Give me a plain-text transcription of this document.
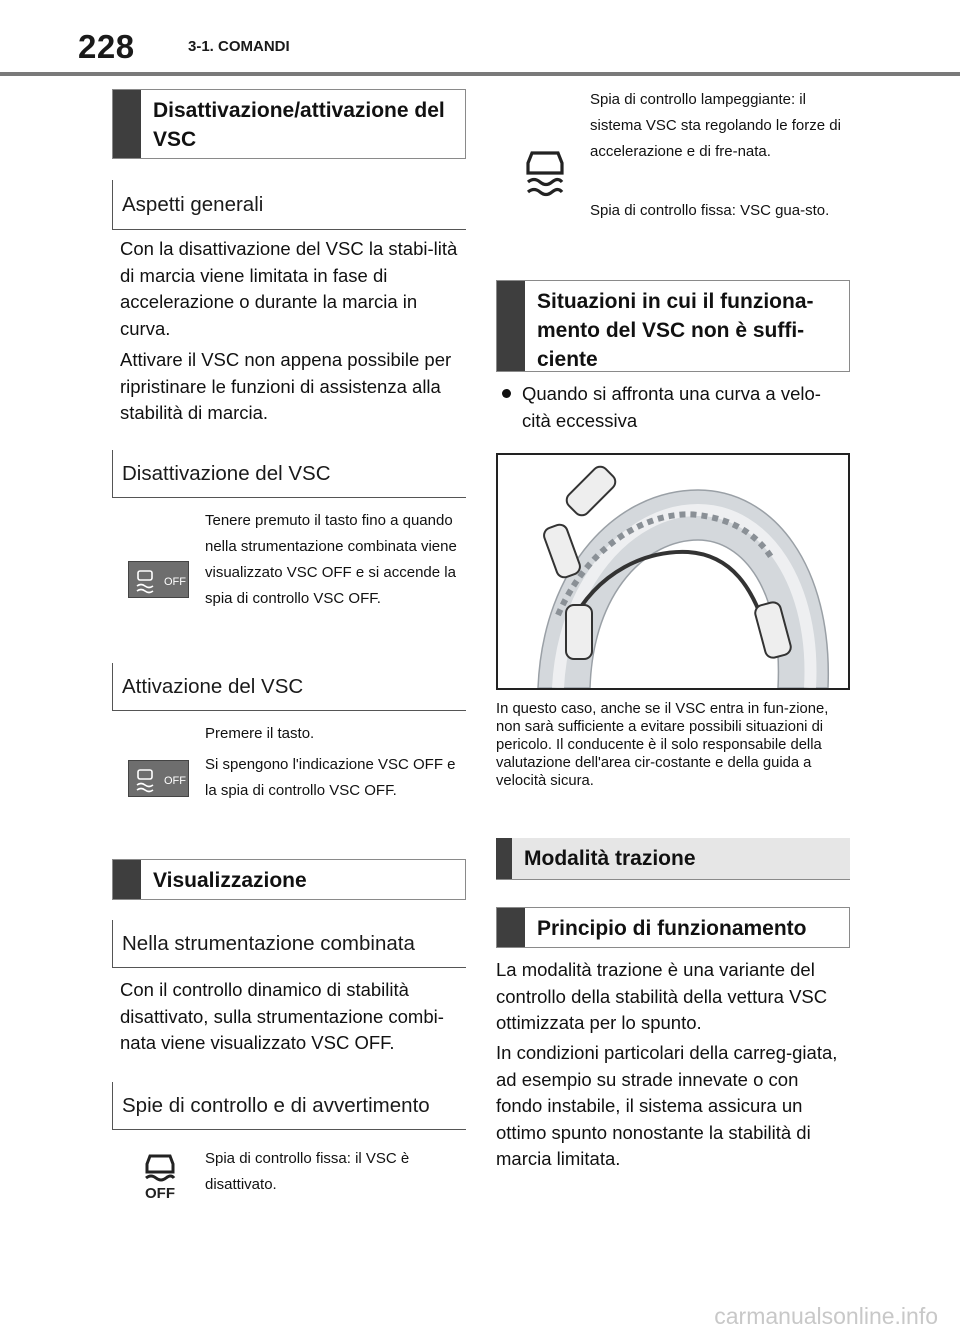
228	3-1. COMANDI
Disattivazione/attivazione del VSC
Aspetti generali
Con la disattivazione del VSC la stabi-lità di marcia viene limitata in fase di accelerazione o durante la marcia in curva.
Attivare il VSC non appena possibile per ripristinare le funzioni di assistenza alla stabilità di marcia.
Disattivazione del VSC
OFF
Tenere premuto il tasto fino a quando nella strumentazione combinata viene visualizzato VSC OFF e si accende la spia di controllo VSC OFF.
Attivazione del VSC
Premere il tasto.
OFF
Si spengono l'indicazione VSC OFF e la spia di controllo VSC OFF.
Visualizzazione
Nella strumentazione combinata
Con il controllo dinamico di stabilità disattivato, sulla strumentazione combi-nata viene visualizzato VSC OFF.
Spie di controllo e di avvertimento
OFF
Spia di controllo fissa: il VSC è disattivato.
Spia di controllo lampeggiante: il sistema VSC sta regolando le forze di accelerazione e di fre-nata.
Spia di controllo fissa: VSC gua-sto.
Situazioni in cui il funziona-mento del VSC non è suffi-ciente
Quando si affronta una curva a velo-cità eccessiva
In questo caso, anche se il VSC entra in fun-zione, non sarà sufficiente a evitare possibili situazioni di pericolo. Il conducente è il solo responsabile della valutazione dell'area cir-costante e della guida a velocità sicura.
Modalità trazione
Principio di funzionamento
La modalità trazione è una variante del controllo della stabilità della vettura VSC ottimizzata per lo spunto.
In condizioni particolari della carreg-giata, ad esempio su strade innevate o con fondo instabile, il sistema assicura un ottimo spunto nonostante la stabilità di marcia limitata.
carmanualsonline.info
